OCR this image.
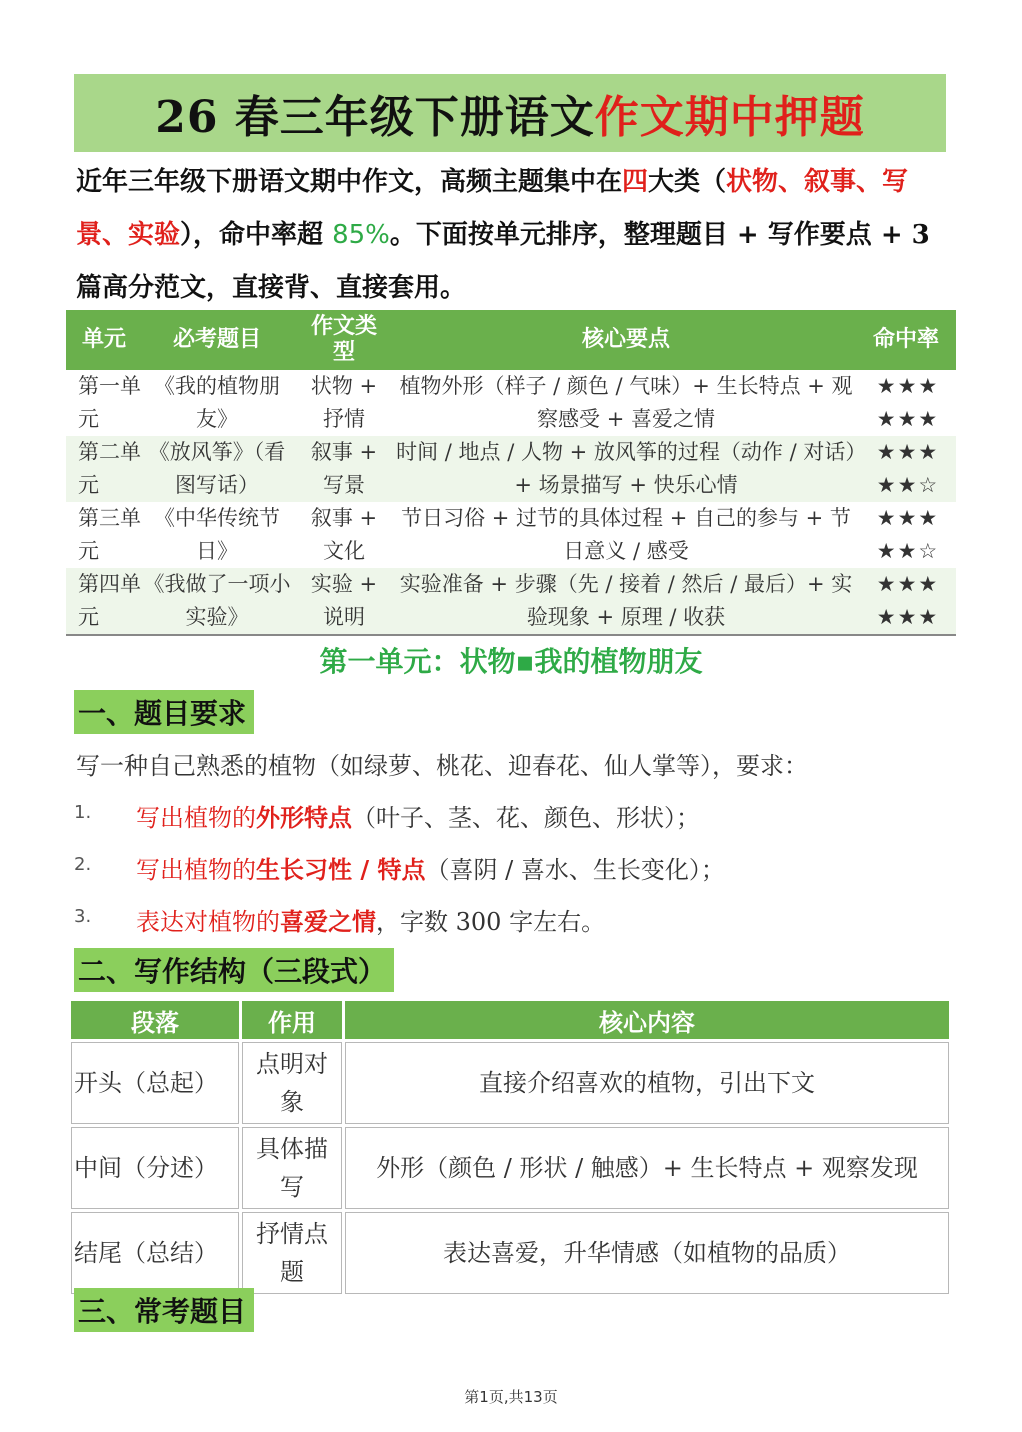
26 春三年级下册语文 作文期中押题
近年三年级下册语文期中作文，高频主题集中在四大类（状物、叙事、写景、实验），命中率超 85%。下面按单元排序，整理题目 + 写作要点 + 3 篇高分范文，直接背、直接套用。
单元	必考题目	作文类型	核心要点	命中率
第一单元	《我的植物朋友》	状物 + 抒情	植物外形（样子 / 颜色 / 气味）+ 生长特点 + 观察感受 + 喜爱之情	★★★
★★★

第二单元	《放风筝》（看图写话）	叙事 + 写景	时间 / 地点 / 人物 + 放风筝的过程（动作 / 对话）+ 场景描写 + 快乐心情	★★★
★★☆

第三单元	《中华传统节日》	叙事 + 文化	节日习俗 + 过节的具体过程 + 自己的参与 + 节日意义 / 感受	★★★
★★☆

第四单元	《我做了一项小实验》	实验 + 说明	实验准备 + 步骤（先 / 接着 / 然后 / 最后）+ 实验现象 + 原理 / 收获	★★★
★★★
第一单元：状物▪我的植物朋友
一、题目要求
写一种自己熟悉的植物（如绿萝、桃花、迎春花、仙人掌等），要求：
1.	写出植物的外形特点（叶子、茎、花、颜色、形状）；
2.	写出植物的生长习性 / 特点（喜阴 / 喜水、生长变化）；
3.	表达对植物的喜爱之情，字数 300 字左右。
二、写作结构（三段式）
段落	作用	核心内容
开头（总起）	点明对象	直接介绍喜欢的植物，引出下文
中间（分述）	具体描写	外形（颜色 / 形状 / 触感）+ 生长特点 + 观察发现
结尾（总结）	抒情点题	表达喜爱，升华情感（如植物的品质）
三、常考题目
第1页,共13页
